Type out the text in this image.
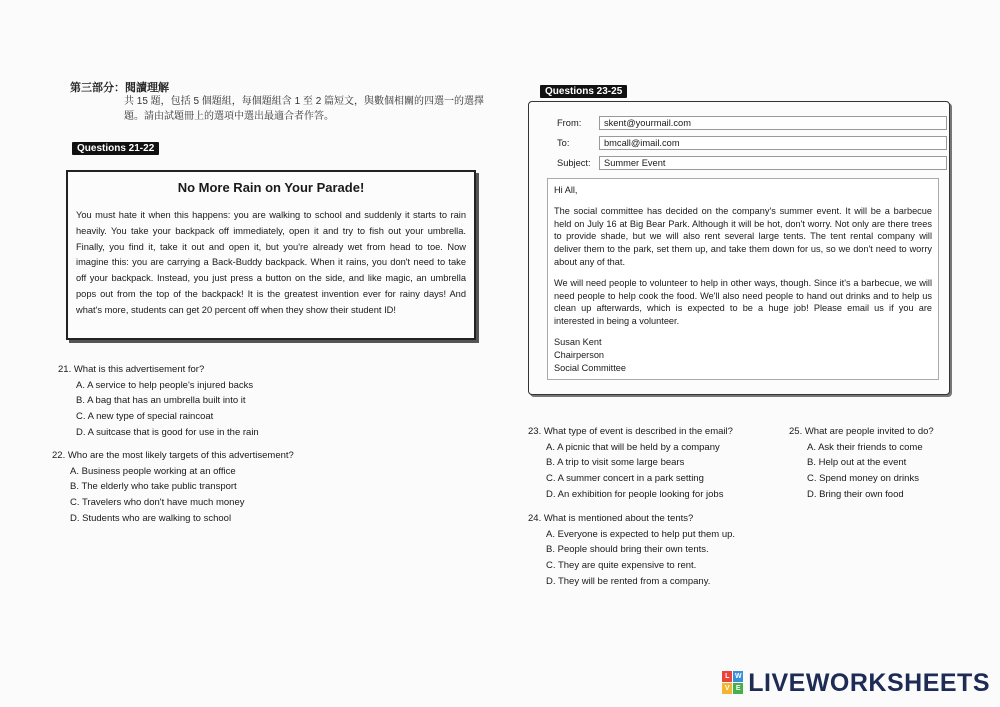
第三部分：閱讀理解
共 15 題，包括 5 個題組，每個題組含 1 至 2 篇短文，與數個相關的四選一的選擇題。請由試題冊上的選項中選出最適合者作答。
Questions 21-22
No More Rain on Your Parade!
You must hate it when this happens: you are walking to school and suddenly it starts to rain heavily. You take your backpack off immediately, open it and try to fish out your umbrella. Finally, you find it, take it out and open it, but you're already wet from head to toe. Now imagine this: you are carrying a Back-Buddy backpack. When it rains, you don't need to take off your backpack. Instead, you just press a button on the side, and like magic, an umbrella pops out from the top of the backpack! It is the greatest invention ever for rainy days! And what's more, students can get 20 percent off when they show their student ID!
21. What is this advertisement for?
A. A service to help people's injured backs
B. A bag that has an umbrella built into it
C. A new type of special raincoat
D. A suitcase that is good for use in the rain
22. Who are the most likely targets of this advertisement?
A. Business people working at an office
B. The elderly who take public transport
C. Travelers who don't have much money
D. Students who are walking to school
Questions 23-25
From:	skent@yourmail.com
To:	bmcall@imail.com
Subject:	Summer Event

Hi All,

The social committee has decided on the company's summer event. It will be a barbecue held on July 16 at Big Bear Park. Although it will be hot, don't worry. Not only are there trees to provide shade, but we will also rent several large tents. The tent rental company will deliver them to the park, set them up, and take them down for us, so we don't need to worry about any of that.

We will need people to volunteer to help in other ways, though. Since it's a barbecue, we will need people to help cook the food. We'll also need people to hand out drinks and to help us clean up afterwards, which is expected to be a huge job! Please email us if you are interested in being a volunteer.

Susan Kent
Chairperson
Social Committee
23. What type of event is described in the email?
A. A picnic that will be held by a company
B. A trip to visit some large bears
C. A summer concert in a park setting
D. An exhibition for people looking for jobs
24. What is mentioned about the tents?
A. Everyone is expected to help put them up.
B. People should bring their own tents.
C. They are quite expensive to rent.
D. They will be rented from a company.
25. What are people invited to do?
A. Ask their friends to come
B. Help out at the event
C. Spend money on drinks
D. Bring their own food
L W
V E LIVEWORKSHEETS
